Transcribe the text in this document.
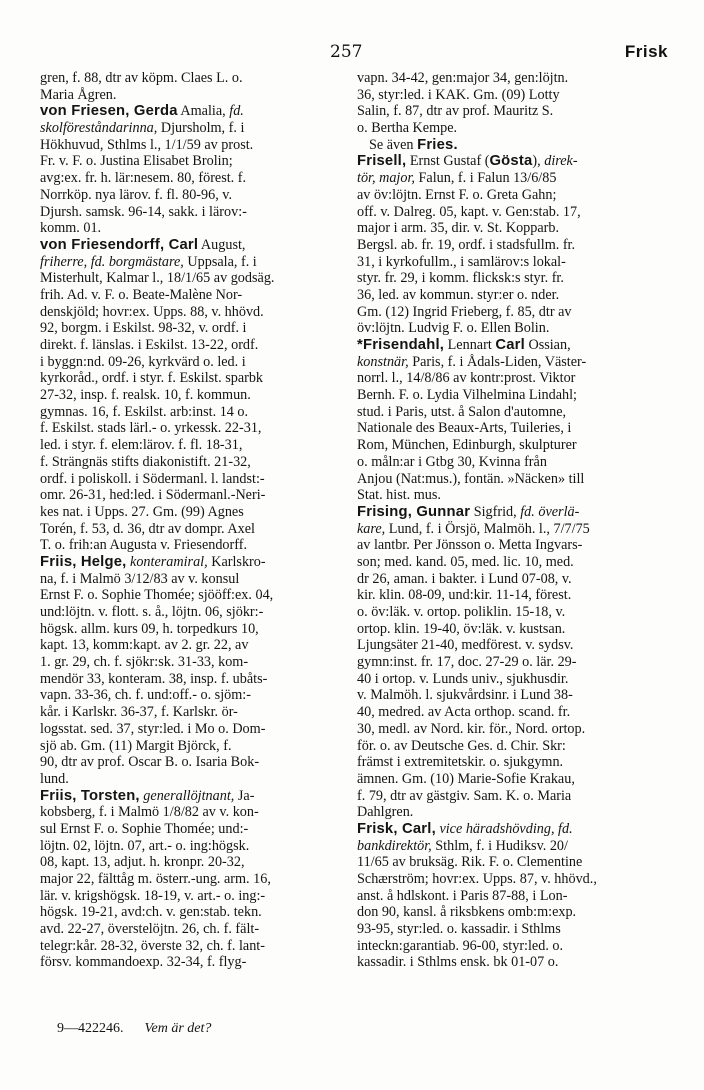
257	Frisk
gren, f. 88, dtr av köpm. Claes L. o.
Maria Ågren.
von Friesen, Gerda Amalia, fd.
skolföreståndarinna, Djursholm, f. i
Hökhuvud, Sthlms l., 1/1/59 av prost.
Fr. v. F. o. Justina Elisabet Brolin;
avg:ex. fr. h. lär:nesem. 80, förest. f.
Norrköp. nya lärov. f. fl. 80-96, v.
Djursh. samsk. 96-14, sakk. i lärov:-
komm. 01.
von Friesendorff, Carl August,
friherre, fd. borgmästare, Uppsala, f. i
Misterhult, Kalmar l., 18/1/65 av godsäg.
frih. Ad. v. F. o. Beate-Malène Nor-
denskjöld; hovr:ex. Upps. 88, v. hhövd.
92, borgm. i Eskilst. 98-32, v. ordf. i
direkt. f. länslas. i Eskilst. 13-22, ordf.
i byggn:nd. 09-26, kyrkvärd o. led. i
kyrkoråd., ordf. i styr. f. Eskilst. sparbk
27-32, insp. f. realsk. 10, f. kommun.
gymnas. 16, f. Eskilst. arb:inst. 14 o.
f. Eskilst. stads lärl.- o. yrkessk. 22-31,
led. i styr. f. elem:lärov. f. fl. 18-31,
f. Strängnäs stifts diakonistift. 21-32,
ordf. i poliskoll. i Södermanl. l. landst:-
omr. 26-31, hed:led. i Södermanl.-Neri-
kes nat. i Upps. 27. Gm. (99) Agnes
Torén, f. 53, d. 36, dtr av dompr. Axel
T. o. frih:an Augusta v. Friesendorff.
Friis, Helge, konteramiral, Karlskro-
na, f. i Malmö 3/12/83 av v. konsul
Ernst F. o. Sophie Thomée; sjööff:ex. 04,
und:löjtn. v. flott. s. å., löjtn. 06, sjökr:-
högsk. allm. kurs 09, h. torpedkurs 10,
kapt. 13, komm:kapt. av 2. gr. 22, av
1. gr. 29, ch. f. sjökr:sk. 31-33, kom-
mendör 33, konteram. 38, insp. f. ubåts-
vapn. 33-36, ch. f. und:off.- o. sjöm:-
kår. i Karlskr. 36-37, f. Karlskr. ör-
logsstat. sed. 37, styr:led. i Mo o. Dom-
sjö ab. Gm. (11) Margit Björck, f.
90, dtr av prof. Oscar B. o. Isaria Bok-
lund.
Friis, Torsten, generallöjtnant, Ja-
kobsberg, f. i Malmö 1/8/82 av v. kon-
sul Ernst F. o. Sophie Thomée; und:-
löjtn. 02, löjtn. 07, art.- o. ing:högsk.
08, kapt. 13, adjut. h. kronpr. 20-32,
major 22, fälttåg m. österr.-ung. arm. 16,
lär. v. krigshögsk. 18-19, v. art.- o. ing:-
högsk. 19-21, avd:ch. v. gen:stab. tekn.
avd. 22-27, överstelöjtn. 26, ch. f. fält-
telegr:kår. 28-32, överste 32, ch. f. lant-
försv. kommandoexp. 32-34, f. flyg-
vapn. 34-42, gen:major 34, gen:löjtn.
36, styr:led. i KAK. Gm. (09) Lotty
Salin, f. 87, dtr av prof. Mauritz S.
o. Bertha Kempe.
Se även Fries.
Frisell, Ernst Gustaf (Gösta), direk-
tör, major, Falun, f. i Falun 13/6/85
av öv:löjtn. Ernst F. o. Greta Gahn;
off. v. Dalreg. 05, kapt. v. Gen:stab. 17,
major i arm. 35, dir. v. St. Kopparb.
Bergsl. ab. fr. 19, ordf. i stadsfullm. fr.
31, i kyrkofullm., i samlärov:s lokal-
styr. fr. 29, i komm. flicksk:s styr. fr.
36, led. av kommun. styr:er o. nder.
Gm. (12) Ingrid Frieberg, f. 85, dtr av
öv:löjtn. Ludvig F. o. Ellen Bolin.
*Frisendahl, Lennart Carl Ossian,
konstnär, Paris, f. i Ådals-Liden, Väster-
norrl. l., 14/8/86 av kontr:prost. Viktor
Bernh. F. o. Lydia Vilhelmina Lindahl;
stud. i Paris, utst. å Salon d'automne,
Nationale des Beaux-Arts, Tuileries, i
Rom, München, Edinburgh, skulpturer
o. måln:ar i Gtbg 30, Kvinna från
Anjou (Nat:mus.), fontän. »Näcken» till
Stat. hist. mus.
Frising, Gunnar Sigfrid, fd. överlä-
kare, Lund, f. i Örsjö, Malmöh. l., 7/7/75
av lantbr. Per Jönsson o. Metta Ingvars-
son; med. kand. 05, med. lic. 10, med.
dr 26, aman. i bakter. i Lund 07-08, v.
kir. klin. 08-09, und:kir. 11-14, förest.
o. öv:läk. v. ortop. poliklin. 15-18, v.
ortop. klin. 19-40, öv:läk. v. kustsan.
Ljungsäter 21-40, medförest. v. sydsv.
gymn:inst. fr. 17, doc. 27-29 o. lär. 29-
40 i ortop. v. Lunds univ., sjukhusdir.
v. Malmöh. l. sjukvårdsinr. i Lund 38-
40, medred. av Acta orthop. scand. fr.
30, medl. av Nord. kir. för., Nord. ortop.
för. o. av Deutsche Ges. d. Chir. Skr:
främst i extremitetskir. o. sjukgymn.
ämnen. Gm. (10) Marie-Sofie Krakau,
f. 79, dtr av gästgiv. Sam. K. o. Maria
Dahlgren.
Frisk, Carl, vice häradshövding, fd.
bankdirektör, Sthlm, f. i Hudiksv. 20/
11/65 av bruksäg. Rik. F. o. Clementine
Schærström; hovr:ex. Upps. 87, v. hhövd.,
anst. å hdlskont. i Paris 87-88, i Lon-
don 90, kansl. å riksbkens omb:m:exp.
93-95, styr:led. o. kassadir. i Sthlms
inteckn:garantiab. 96-00, styr:led. o.
kassadir. i Sthlms ensk. bk 01-07 o.
9—422246. Vem är det?
